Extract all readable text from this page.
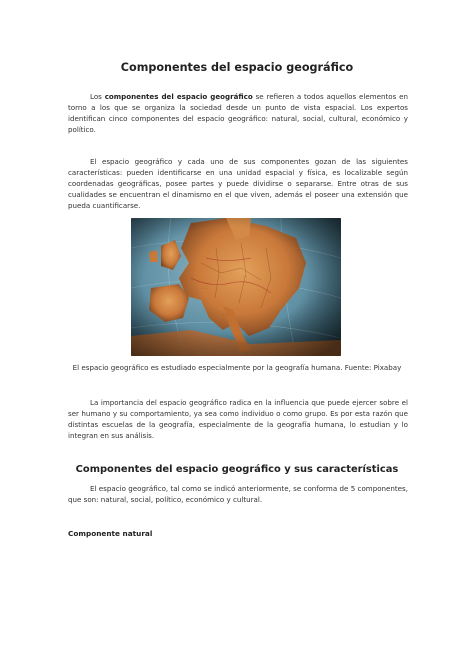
Componentes del espacio geográfico

Los componentes del espacio geográfico se refieren a todos aquellos elementos en torno a los que se organiza la sociedad desde un punto de vista espacial. Los expertos identifican cinco componentes del espacio geográfico: natural, social, cultural, económico y político.

El espacio geográfico y cada uno de sus componentes gozan de las siguientes características: pueden identificarse en una unidad espacial y física, es localizable según coordenadas geográficas, posee partes y puede dividirse o separarse. Entre otras de sus cualidades se encuentran el dinamismo en el que viven, además el poseer una extensión que pueda cuantificarse.

El espacio geográfico es estudiado especialmente por la geografía humana. Fuente: Pixabay

La importancia del espacio geográfico radica en la influencia que puede ejercer sobre el ser humano y su comportamiento, ya sea como individuo o como grupo. Es por esta razón que distintas escuelas de la geografía, especialmente de la geografía humana, lo estudian y lo integran en sus análisis.

Componentes del espacio geográfico y sus características

El espacio geográfico, tal como se indicó anteriormente, se conforma de 5 componentes, que son: natural, social, político, económico y cultural.

Componente natural
